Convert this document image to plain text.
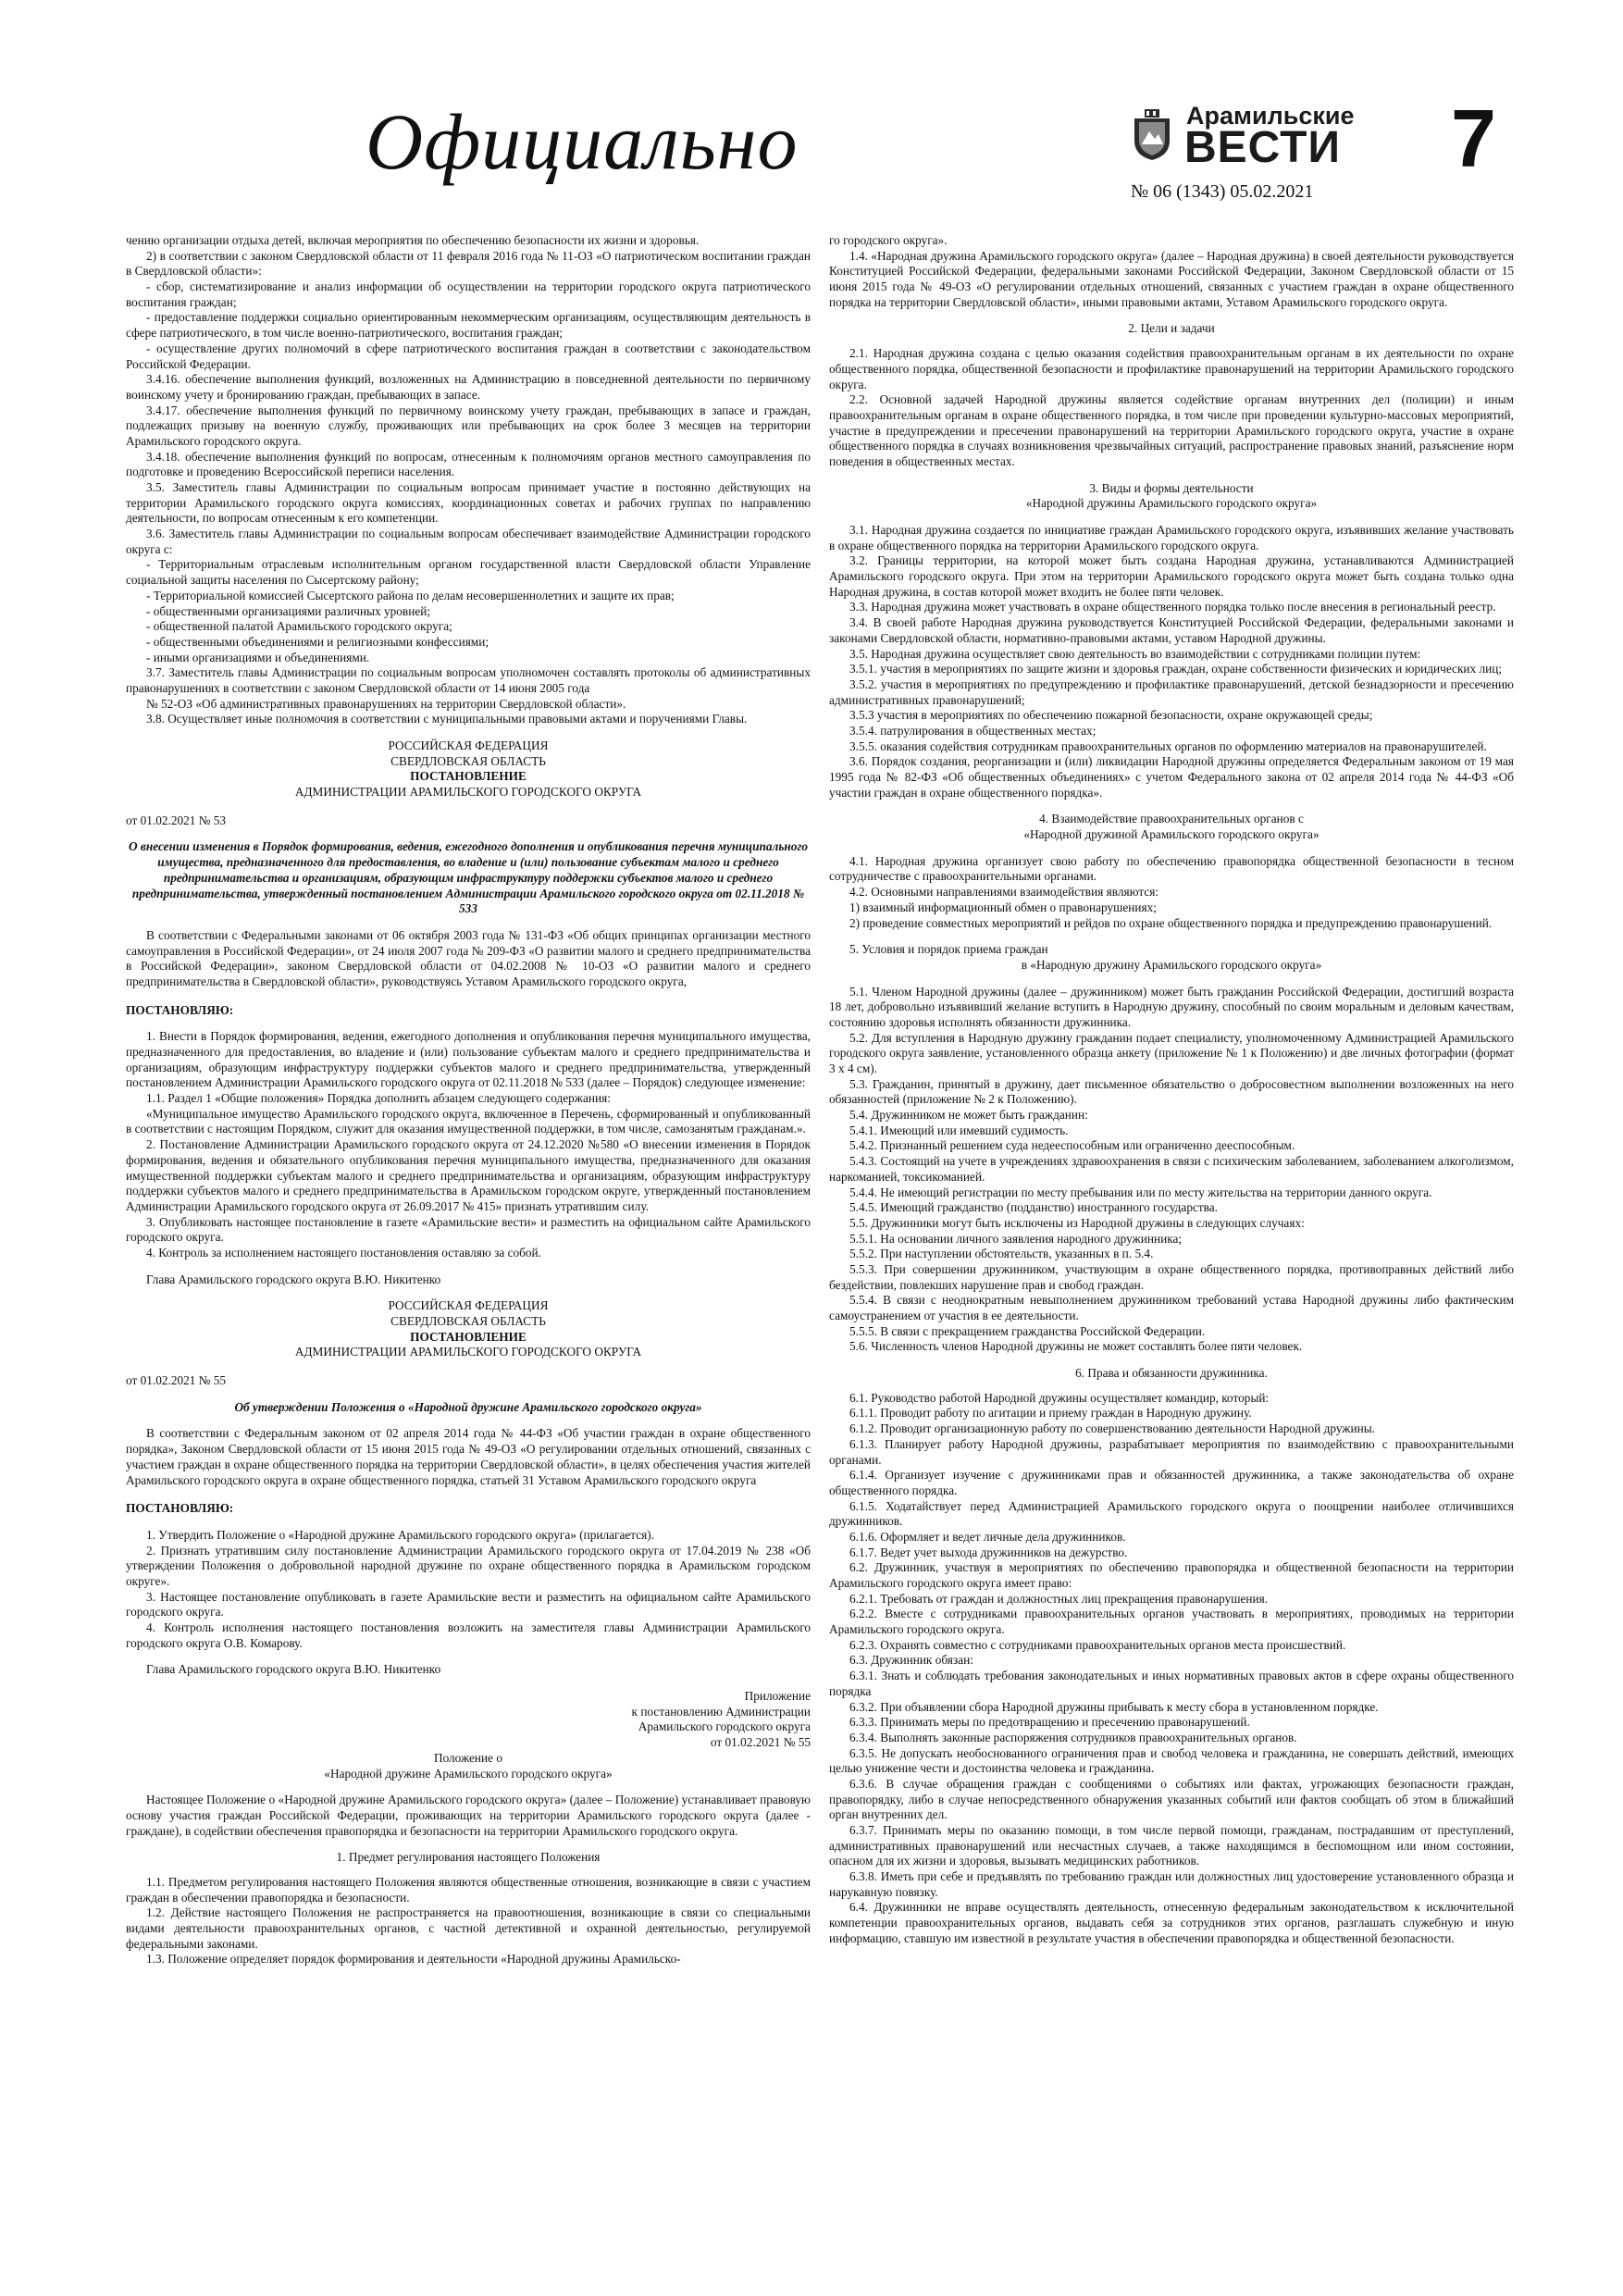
Официально	Арамильские
ВЕСТИ
№ 06 (1343) 05.02.2021
7

чению организации отдыха детей, включая мероприятия по обеспечению безопасности их жизни и здоровья.

2) в соответствии с законом Свердловской области от 11 февраля 2016 года № 11-ОЗ «О патриотическом воспитании граждан в Свердловской области»:

- сбор, систематизирование и анализ информации об осуществлении на территории городского округа патриотического воспитания граждан;

- предоставление поддержки социально ориентированным некоммерческим организациям, осуществляющим деятельность в сфере патриотического, в том числе военно-патриотического, воспитания граждан;

- осуществление других полномочий в сфере патриотического воспитания граждан в соответствии с законодательством Российской Федерации.

3.4.16. обеспечение выполнения функций, возложенных на Администрацию в повседневной деятельности по первичному воинскому учету и бронированию граждан, пребывающих в запасе.

3.4.17. обеспечение выполнения функций по первичному воинскому учету граждан, пребывающих в запасе и граждан, подлежащих призыву на военную службу, проживающих или пребывающих на срок более 3 месяцев на территории Арамильского городского округа.

3.4.18. обеспечение выполнения функций по вопросам, отнесенным к полномочиям органов местного самоуправления по подготовке и проведению Всероссийской переписи населения.

3.5. Заместитель главы Администрации по социальным вопросам принимает участие в постоянно действующих на территории Арамильского городского округа комиссиях, координационных советах и рабочих группах по направлению деятельности, по вопросам отнесенным к его компетенции.

3.6. Заместитель главы Администрации по социальным вопросам обеспечивает взаимодействие Администрации городского округа с:

- Территориальным отраслевым исполнительным органом государственной власти Свердловской области Управление социальной защиты населения по Сысертскому району;

- Территориальной комиссией Сысертского района по делам несовершеннолетних и защите их прав;

- общественными организациями различных уровней;

- общественной палатой Арамильского городского округа;

- общественными объединениями и религиозными конфессиями;

- иными организациями и объединениями.

3.7. Заместитель главы Администрации по социальным вопросам уполномочен составлять протоколы об административных правонарушениях в соответствии с законом Свердловской области от 14 июня 2005 года

№ 52-ОЗ «Об административных правонарушениях на территории Свердловской области».

3.8. Осуществляет иные полномочия в соответствии с муниципальными правовыми актами и поручениями Главы.

РОССИЙСКАЯ ФЕДЕРАЦИЯ

СВЕРДЛОВСКАЯ ОБЛАСТЬ

ПОСТАНОВЛЕНИЕ

АДМИНИСТРАЦИИ АРАМИЛЬСКОГО ГОРОДСКОГО ОКРУГА

от 01.02.2021 № 53

О внесении изменения в Порядок формирования, ведения, ежегодного дополнения и опубликования перечня муниципального имущества, предназначенного для предоставления, во владение и (или) пользование субъектам малого и среднего предпринимательства и организациям, образующим инфраструктуру поддержки субъектов малого и среднего предпринимательства, утвержденный постановлением Администрации Арамильского городского округа от 02.11.2018 № 533

В соответствии с Федеральными законами от 06 октября 2003 года № 131-ФЗ «Об общих принципах организации местного самоуправления в Российской Федерации», от 24 июля 2007 года № 209-ФЗ «О развитии малого и среднего предпринимательства в Российской Федерации», законом Свердловской области от 04.02.2008 № 10-ОЗ «О развитии малого и среднего предпринимательства в Свердловской области», руководствуясь Уставом Арамильского городского округа,

ПОСТАНОВЛЯЮ:

1. Внести в Порядок формирования, ведения, ежегодного дополнения и опубликования перечня муниципального имущества, предназначенного для предоставления, во владение и (или) пользование субъектам малого и среднего предпринимательства и организациям, образующим инфраструктуру поддержки субъектов малого и среднего предпринимательства, утвержденный постановлением Администрации Арамильского городского округа от 02.11.2018 № 533 (далее – Порядок) следующее изменение:

1.1. Раздел 1 «Общие положения» Порядка дополнить абзацем следующего содержания:

«Муниципальное имущество Арамильского городского округа, включенное в Перечень, сформированный и опубликованный в соответствии с настоящим Порядком, служит для оказания имущественной поддержки, в том числе, самозанятым гражданам.».

2. Постановление Администрации Арамильского городского округа от 24.12.2020 №580 «О внесении изменения в Порядок формирования, ведения и обязательного опубликования перечня муниципального имущества, предназначенного для оказания имущественной поддержки субъектам малого и среднего предпринимательства и организациям, образующим инфраструктуру поддержки субъектов малого и среднего предпринимательства в Арамильском городском округе, утвержденный постановлением Администрации Арамильского городского округа от 26.09.2017 № 415» признать утратившим силу.

3. Опубликовать настоящее постановление в газете «Арамильские вести» и разместить на официальном сайте Арамильского городского округа.

4. Контроль за исполнением настоящего постановления оставляю за собой.

Глава Арамильского городского округа В.Ю. Никитенко

РОССИЙСКАЯ ФЕДЕРАЦИЯ

СВЕРДЛОВСКАЯ ОБЛАСТЬ

ПОСТАНОВЛЕНИЕ

АДМИНИСТРАЦИИ АРАМИЛЬСКОГО ГОРОДСКОГО ОКРУГА

от 01.02.2021 № 55

Об утверждении Положения о «Народной дружине Арамильского городского округа»

В соответствии с Федеральным законом от 02 апреля 2014 года № 44-ФЗ «Об участии граждан в охране общественного порядка», Законом Свердловской области от 15 июня 2015 года № 49-ОЗ «О регулировании отдельных отношений, связанных с участием граждан в охране общественного порядка на территории Свердловской области», в целях обеспечения участия жителей Арамильского городского округа в охране общественного порядка, статьей 31 Уставом Арамильского городского округа

ПОСТАНОВЛЯЮ:

1. Утвердить Положение о «Народной дружине Арамильского городского округа» (прилагается).

2. Признать утратившим силу постановление Администрации Арамильского городского округа от 17.04.2019 № 238 «Об утверждении Положения о добровольной народной дружине по охране общественного порядка в Арамильском городском округе».

3. Настоящее постановление опубликовать в газете Арамильские вести и разместить на официальном сайте Арамильского городского округа.

4. Контроль исполнения настоящего постановления возложить на заместителя главы Администрации Арамильского городского округа О.В. Комарову.

Глава Арамильского городского округа В.Ю. Никитенко

Приложение

к постановлению Администрации

Арамильского городского округа

от 01.02.2021 № 55

Положение о

«Народной дружине Арамильского городского округа»

Настоящее Положение о «Народной дружине Арамильского городского округа» (далее – Положение) устанавливает правовую основу участия граждан Российской Федерации, проживающих на территории Арамильского городского округа (далее - граждане), в содействии обеспечения правопорядка и безопасности на территории Арамильского городского округа.

1. Предмет регулирования настоящего Положения

1.1. Предметом регулирования настоящего Положения являются общественные отношения, возникающие в связи с участием граждан в обеспечении правопорядка и безопасности.

1.2. Действие настоящего Положения не распространяется на правоотношения, возникающие в связи со специальными видами деятельности правоохранительных органов, с частной детективной и охранной деятельностью, регулируемой федеральными законами.

1.3. Положение определяет порядок формирования и деятельности «Народной дружины Арамильско-

го городского округа».

1.4. «Народная дружина Арамильского городского округа» (далее – Народная дружина) в своей деятельности руководствуется Конституцией Российской Федерации, федеральными законами Российской Федерации, Законом Свердловской области от 15 июня 2015 года № 49-ОЗ «О регулировании отдельных отношений, связанных с участием граждан в охране общественного порядка на территории Свердловской области», иными правовыми актами, Уставом Арамильского городского округа.

2. Цели и задачи

2.1. Народная дружина создана с целью оказания содействия правоохранительным органам в их деятельности по охране общественного порядка, общественной безопасности и профилактике правонарушений на территории Арамильского городского округа.

2.2. Основной задачей Народной дружины является содействие органам внутренних дел (полиции) и иным правоохранительным органам в охране общественного порядка, в том числе при проведении культурно-массовых мероприятий, участие в предупреждении и пресечении правонарушений на территории Арамильского городского округа, участие в охране общественного порядка в случаях возникновения чрезвычайных ситуаций, распространение правовых знаний, разъяснение норм поведения в общественных местах.

3. Виды и формы деятельности

«Народной дружины Арамильского городского округа»

3.1. Народная дружина создается по инициативе граждан Арамильского городского округа, изъявивших желание участвовать в охране общественного порядка на территории Арамильского городского округа.

3.2. Границы территории, на которой может быть создана Народная дружина, устанавливаются Администрацией Арамильского городского округа. При этом на территории Арамильского городского округа может быть создана только одна Народная дружина, в состав которой может входить не более пяти человек.

3.3. Народная дружина может участвовать в охране общественного порядка только после внесения в региональный реестр.

3.4. В своей работе Народная дружина руководствуется Конституцией Российской Федерации, федеральными законами и законами Свердловской области, нормативно-правовыми актами, уставом Народной дружины.

3.5. Народная дружина осуществляет свою деятельность во взаимодействии с сотрудниками полиции путем:

3.5.1. участия в мероприятиях по защите жизни и здоровья граждан, охране собственности физических и юридических лиц;

3.5.2. участия в мероприятиях по предупреждению и профилактике правонарушений, детской безнадзорности и пресечению административных правонарушений;

3.5.3 участия в мероприятиях по обеспечению пожарной безопасности, охране окружающей среды;

3.5.4. патрулирования в общественных местах;

3.5.5. оказания содействия сотрудникам правоохранительных органов по оформлению материалов на правонарушителей.

3.6. Порядок создания, реорганизации и (или) ликвидации Народной дружины определяется Федеральным законом от 19 мая 1995 года № 82-ФЗ «Об общественных объединениях» с учетом Федерального закона от 02 апреля 2014 года № 44-ФЗ «Об участии граждан в охране общественного порядка».

4. Взаимодействие правоохранительных органов с

«Народной дружиной Арамильского городского округа»

4.1. Народная дружина организует свою работу по обеспечению правопорядка общественной безопасности в тесном сотрудничестве с правоохранительными органами.

4.2. Основными направлениями взаимодействия являются:

1) взаимный информационный обмен о правонарушениях;

2) проведение совместных мероприятий и рейдов по охране общественного порядка и предупреждению правонарушений.

5. Условия и порядок приема граждан

в «Народную дружину Арамильского городского округа»

5.1. Членом Народной дружины (далее – дружинником) может быть гражданин Российской Федерации, достигший возраста 18 лет, добровольно изъявивший желание вступить в Народную дружину, способный по своим моральным и деловым качествам, состоянию здоровья исполнять обязанности дружинника.

5.2. Для вступления в Народную дружину гражданин подает специалисту, уполномоченному Администрацией Арамильского городского округа заявление, установленного образца анкету (приложение № 1 к Положению) и две личных фотографии (формат 3 x 4 см).

5.3. Гражданин, принятый в дружину, дает письменное обязательство о добросовестном выполнении возложенных на него обязанностей (приложение № 2 к Положению).

5.4. Дружинником не может быть гражданин:

5.4.1. Имеющий или имевший судимость.

5.4.2. Признанный решением суда недееспособным или ограниченно дееспособным.

5.4.3. Состоящий на учете в учреждениях здравоохранения в связи с психическим заболеванием, заболеванием алкоголизмом, наркоманией, токсикоманией.

5.4.4. Не имеющий регистрации по месту пребывания или по месту жительства на территории данного округа.

5.4.5. Имеющий гражданство (подданство) иностранного государства.

5.5. Дружинники могут быть исключены из Народной дружины в следующих случаях:

5.5.1. На основании личного заявления народного дружинника;

5.5.2. При наступлении обстоятельств, указанных в п. 5.4.

5.5.3. При совершении дружинником, участвующим в охране общественного порядка, противоправных действий либо бездействии, повлекших нарушение прав и свобод граждан.

5.5.4. В связи с неоднократным невыполнением дружинником требований устава Народной дружины либо фактическим самоустранением от участия в ее деятельности.

5.5.5. В связи с прекращением гражданства Российской Федерации.

5.6. Численность членов Народной дружины не может составлять более пяти человек.

6. Права и обязанности дружинника.

6.1. Руководство работой Народной дружины осуществляет командир, который:

6.1.1. Проводит работу по агитации и приему граждан в Народную дружину.

6.1.2. Проводит организационную работу по совершенствованию деятельности Народной дружины.

6.1.3. Планирует работу Народной дружины, разрабатывает мероприятия по взаимодействию с правоохранительными органами.

6.1.4. Организует изучение с дружинниками прав и обязанностей дружинника, а также законодательства об охране общественного порядка.

6.1.5. Ходатайствует перед Администрацией Арамильского городского округа о поощрении наиболее отличившихся дружинников.

6.1.6. Оформляет и ведет личные дела дружинников.

6.1.7. Ведет учет выхода дружинников на дежурство.

6.2. Дружинник, участвуя в мероприятиях по обеспечению правопорядка и общественной безопасности на территории Арамильского городского округа имеет право:

6.2.1. Требовать от граждан и должностных лиц прекращения правонарушения.

6.2.2. Вместе с сотрудниками правоохранительных органов участвовать в мероприятиях, проводимых на территории Арамильского городского округа.

6.2.3. Охранять совместно с сотрудниками правоохранительных органов места происшествий.

6.3. Дружинник обязан:

6.3.1. Знать и соблюдать требования законодательных и иных нормативных правовых актов в сфере охраны общественного порядка

6.3.2. При объявлении сбора Народной дружины прибывать к месту сбора в установленном порядке.

6.3.3. Принимать меры по предотвращению и пресечению правонарушений.

6.3.4. Выполнять законные распоряжения сотрудников правоохранительных органов.

6.3.5. Не допускать необоснованного ограничения прав и свобод человека и гражданина, не совершать действий, имеющих целью унижение чести и достоинства человека и гражданина.

6.3.6. В случае обращения граждан с сообщениями о событиях или фактах, угрожающих безопасности граждан, правопорядку, либо в случае непосредственного обнаружения указанных событий или фактов сообщать об этом в ближайший орган внутренних дел.

6.3.7. Принимать меры по оказанию помощи, в том числе первой помощи, гражданам, пострадавшим от преступлений, административных правонарушений или несчастных случаев, а также находящимся в беспомощном или ином состоянии, опасном для их жизни и здоровья, вызывать медицинских работников.

6.3.8. Иметь при себе и предъявлять по требованию граждан или должностных лиц удостоверение установленного образца и нарукавную повязку.

6.4. Дружинники не вправе осуществлять деятельность, отнесенную федеральным законодательством к исключительной компетенции правоохранительных органов, выдавать себя за сотрудников этих органов, разглашать служебную и иную информацию, ставшую им известной в результате участия в обеспечении правопорядка и общественной безопасности.
